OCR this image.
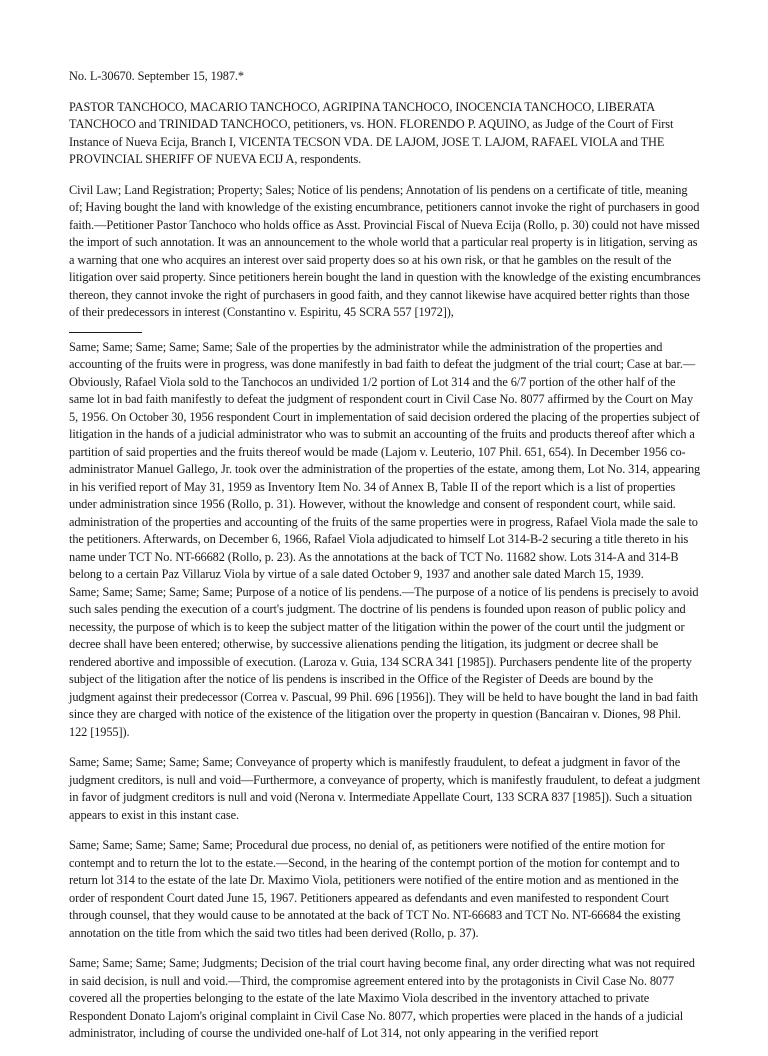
No. L-30670. September 15, 1987.*

PASTOR TANCHOCO, MACARIO TANCHOCO, AGRIPINA TANCHOCO, INOCENCIA TANCHOCO, LIBERATA TANCHOCO and TRINIDAD TANCHOCO, petitioners, vs. HON. FLORENDO P. AQUINO, as Judge of the Court of First Instance of Nueva Ecija, Branch I, VICENTA TECSON VDA. DE LAJOM, JOSE T. LAJOM, RAFAEL VIOLA and THE PROVINCIAL SHERIFF OF NUEVA ECIJ A, respondents.

Civil Law; Land Registration; Property; Sales; Notice of lis pendens; Annotation of lis pendens on a certificate of title, meaning of; Having bought the land with knowledge of the existing encumbrance, petitioners cannot invoke the right of purchasers in good faith.—Petitioner Pastor Tanchoco who holds office as Asst. Provincial Fiscal of Nueva Ecija (Rollo, p. 30) could not have missed the import of such annotation. It was an announcement to the whole world that a particular real property is in litigation, serving as a warning that one who acquires an interest over said property does so at his own risk, or that he gambles on the result of the litigation over said property. Since petitioners herein bought the land in question with the knowledge of the existing encumbrances thereon, they cannot invoke the right of purchasers in good faith, and they cannot likewise have acquired better rights than those of their predecessors in interest (Constantino v. Espiritu, 45 SCRA 557 [1972]),

Same; Same; Same; Same; Same; Sale of the properties by the administrator while the administration of the properties and accounting of the fruits were in progress, was done manifestly in bad faith to defeat the judgment of the trial court; Case at bar.—Obviously, Rafael Viola sold to the Tanchocos an undivided 1/2 portion of Lot 314 and the 6/7 portion of the other half of the same lot in bad faith manifestly to defeat the judgment of respondent court in Civil Case No. 8077 affirmed by the Court on May 5, 1956. On October 30, 1956 respondent Court in implementation of said decision ordered the placing of the properties subject of litigation in the hands of a judicial administrator who was to submit an accounting of the fruits and products thereof after which a partition of said properties and the fruits thereof would be made (Lajom v. Leuterio, 107 Phil. 651, 654). In December 1956 co-administrator Manuel Gallego, Jr. took over the administration of the properties of the estate, among them, Lot No. 314, appearing in his verified report of May 31, 1959 as Inventory Item No. 34 of Annex B, Table II of the report which is a list of properties under administration since 1956 (Rollo, p. 31). However, without the knowledge and consent of respondent court, while said. administration of the properties and accounting of the fruits of the same properties were in progress, Rafael Viola made the sale to the petitioners. Afterwards, on December 6, 1966, Rafael Viola adjudicated to himself Lot 314-B-2 securing a title thereto in his name under TCT No. NT-66682 (Rollo, p. 23). As the annotations at the back of TCT No. 11682 show. Lots 314-A and 314-B belong to a certain Paz Villaruz Viola by virtue of a sale dated October 9, 1937 and another sale dated March 15, 1939.

Same; Same; Same; Same; Same; Purpose of a notice of lis pendens.—The purpose of a notice of lis pendens is precisely to avoid such sales pending the execution of a court's judgment. The doctrine of lis pendens is founded upon reason of public policy and necessity, the purpose of which is to keep the subject matter of the litigation within the power of the court until the judgment or decree shall have been entered; otherwise, by successive alienations pending the litigation, its judgment or decree shall be rendered abortive and impossible of execution. (Laroza v. Guia, 134 SCRA 341 [1985]). Purchasers pendente lite of the property subject of the litigation after the notice of lis pendens is inscribed in the Office of the Register of Deeds are bound by the judgment against their predecessor (Correa v. Pascual, 99 Phil. 696 [1956]). They will be held to have bought the land in bad faith since they are charged with notice of the existence of the litigation over the property in question (Bancairan v. Diones, 98 Phil. 122 [1955]).

Same; Same; Same; Same; Same; Conveyance of property which is manifestly fraudulent, to defeat a judgment in favor of the judgment creditors, is null and void—Furthermore, a conveyance of property, which is manifestly fraudulent, to defeat a judgment in favor of judgment creditors is null and void (Nerona v. Intermediate Appellate Court, 133 SCRA 837 [1985]). Such a situation appears to exist in this instant case.

Same; Same; Same; Same; Same; Procedural due process, no denial of, as petitioners were notified of the entire motion for contempt and to return the lot to the estate.—Second, in the hearing of the contempt portion of the motion for contempt and to return lot 314 to the estate of the late Dr. Maximo Viola, petitioners were notified of the entire motion and as mentioned in the order of respondent Court dated June 15, 1967. Petitioners appeared as defendants and even manifested to respondent Court through counsel, that they would cause to be annotated at the back of TCT No. NT-66683 and TCT No. NT-66684 the existing annotation on the title from which the said two titles had been derived (Rollo, p. 37).

Same; Same; Same; Same; Judgments; Decision of the trial court having become final, any order directing what was not required in said decision, is null and void.—Third, the compromise agreement entered into by the protagonists in Civil Case No. 8077 covered all the properties belonging to the estate of the late Maximo Viola described in the inventory attached to private Respondent Donato Lajom's original complaint in Civil Case No. 8077, which properties were placed in the hands of a judicial administrator, including of course the undivided one-half of Lot 314, not only appearing in the verified report
